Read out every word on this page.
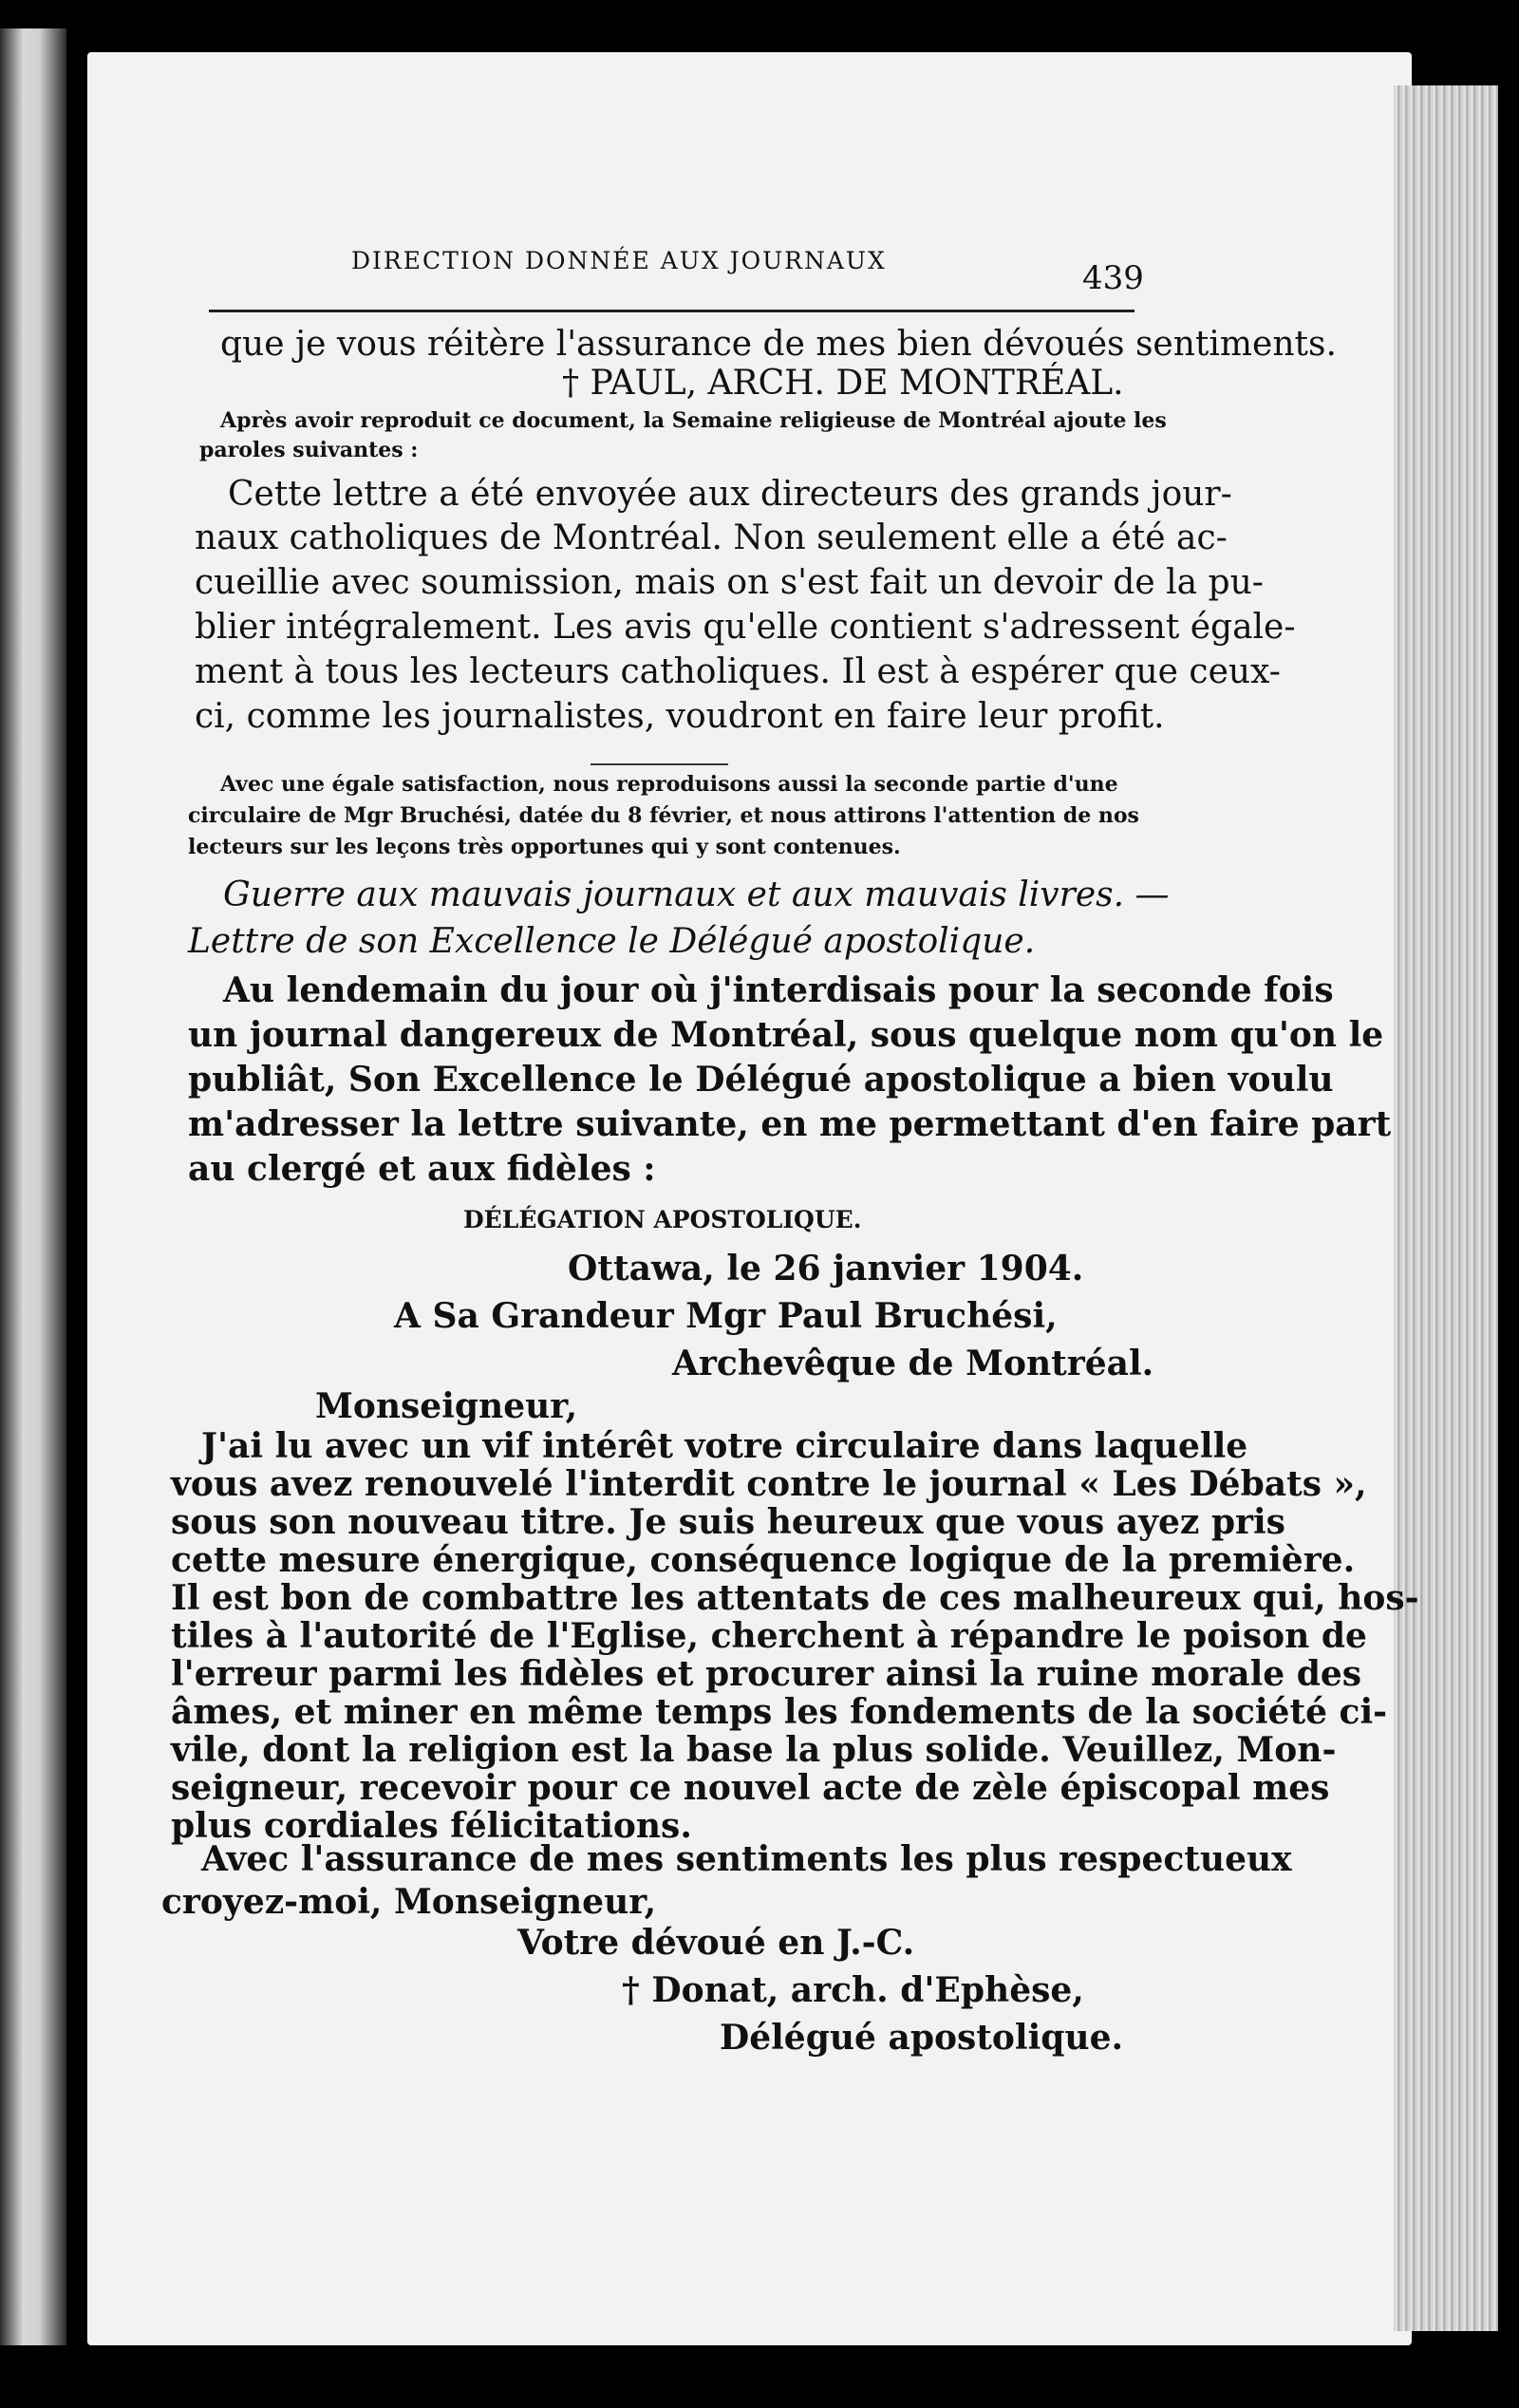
DIRECTION DONNÉE AUX JOURNAUX	439
que je vous réitère l'assurance de mes bien dévoués sentiments.
† PAUL, ARCH. DE MONTRÉAL.
Après avoir reproduit ce document, la Semaine religieuse de Montréal ajoute les
paroles suivantes :
Cette lettre a été envoyée aux directeurs des grands jour-
naux catholiques de Montréal. Non seulement elle a été ac-
cueillie avec soumission, mais on s'est fait un devoir de la pu-
blier intégralement. Les avis qu'elle contient s'adressent égale-
ment à tous les lecteurs catholiques. Il est à espérer que ceux-
ci, comme les journalistes, voudront en faire leur profit.
Avec une égale satisfaction, nous reproduisons aussi la seconde partie d'une
circulaire de Mgr Bruchési, datée du 8 février, et nous attirons l'attention de nos
lecteurs sur les leçons très opportunes qui y sont contenues.
Guerre aux mauvais journaux et aux mauvais livres. —
Lettre de son Excellence le Délégué apostolique.
Au lendemain du jour où j'interdisais pour la seconde fois
un journal dangereux de Montréal, sous quelque nom qu'on le
publiât, Son Excellence le Délégué apostolique a bien voulu
m'adresser la lettre suivante, en me permettant d'en faire part
au clergé et aux fidèles :
DÉLÉGATION APOSTOLIQUE.
Ottawa, le 26 janvier 1904.
A Sa Grandeur Mgr Paul Bruchési,
Archevêque de Montréal.
Monseigneur,
J'ai lu avec un vif intérêt votre circulaire dans laquelle
vous avez renouvelé l'interdit contre le journal « Les Débats »,
sous son nouveau titre. Je suis heureux que vous ayez pris
cette mesure énergique, conséquence logique de la première.
Il est bon de combattre les attentats de ces malheureux qui, hos-
tiles à l'autorité de l'Eglise, cherchent à répandre le poison de
l'erreur parmi les fidèles et procurer ainsi la ruine morale des
âmes, et miner en même temps les fondements de la société ci-
vile, dont la religion est la base la plus solide. Veuillez, Mon-
seigneur, recevoir pour ce nouvel acte de zèle épiscopal mes
plus cordiales félicitations.
Avec l'assurance de mes sentiments les plus respectueux
croyez-moi, Monseigneur,
Votre dévoué en J.-C.
† Donat, arch. d'Ephèse,
Délégué apostolique.
